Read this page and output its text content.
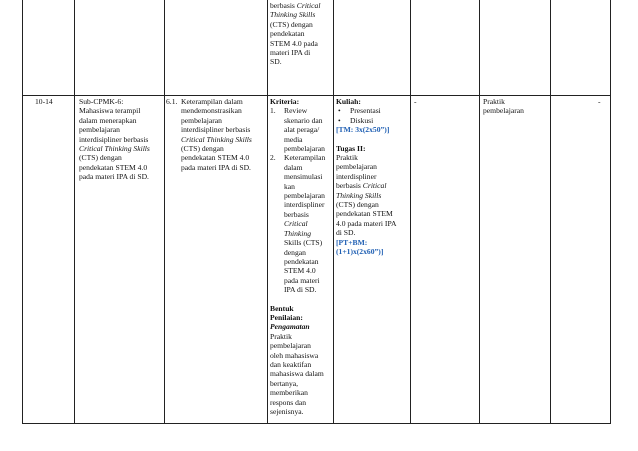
berbasis Critical
Thinking Skills
(CTS) dengan
pendekatan
STEM 4.0 pada
materi IPA di
SD.
10-14	Sub-CPMK-6:
Mahasiswa terampil
dalam menerapkan
pembelajaran
interdisipliner berbasis
Critical Thinking Skills
(CTS) dengan
pendekatan STEM 4.0
pada materi IPA di SD.
6.1. Keterampilan dalam
mendemonstrasikan
pembelajaran
interdisipliner berbasis
Critical Thinking Skills
(CTS) dengan
pendekatan STEM 4.0
pada materi IPA di SD.
Kriteria:
1. Review
skenario dan
alat peraga/
media
pembelajaran
2. Keterampilan
dalam
mensimulasi
kan
pembelajaran
interdispliner
berbasis
Critical
Thinking
Skills (CTS)
dengan
pendekatan
STEM 4.0
pada materi
IPA di SD.
Bentuk
Penilaian:
Pengamatan
Praktik
pembelajaran
oleh mahasiswa
dan keaktifan
mahasiswa dalam
bertanya,
memberikan
respons dan
sejenisnya.
Kuliah:
• Presentasi
• Diskusi
[TM: 3x(2x50”)]
Tugas II:
Praktik
pembelajaran
interdispliner
berbasis Critical
Thinking Skills
(CTS) dengan
pendekatan STEM
4.0 pada materi IPA
di SD.
[PT+BM:
(1+1)x(2x60”)]
-	Praktik
pembelajaran
-
